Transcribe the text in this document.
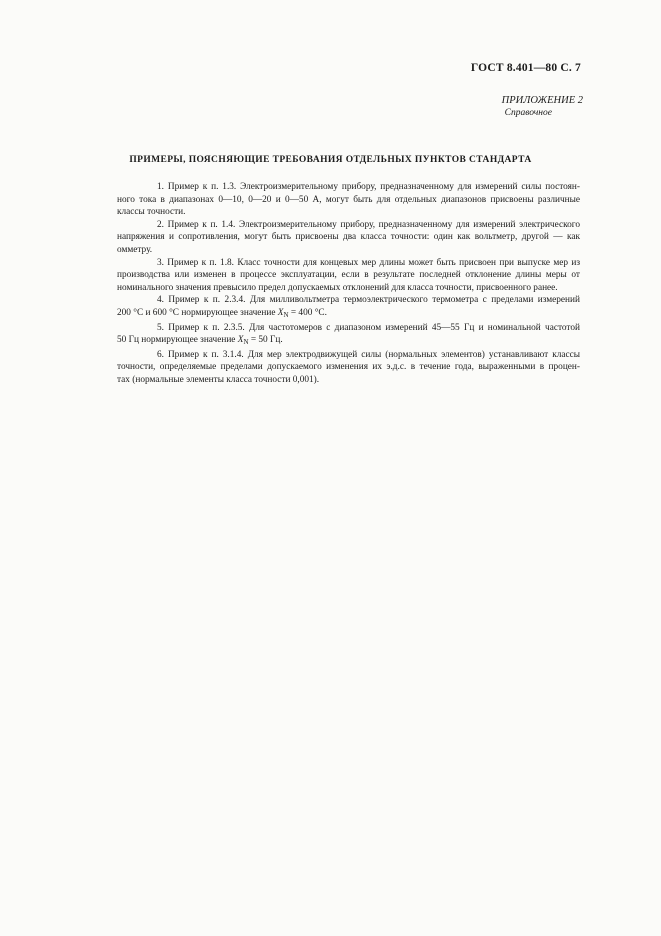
ГОСТ 8.401—80 С. 7
ПРИЛОЖЕНИЕ 2
Справочное
ПРИМЕРЫ, ПОЯСНЯЮЩИЕ ТРЕБОВАНИЯ ОТДЕЛЬНЫХ ПУНКТОВ СТАНДАРТА
1. Пример к п. 1.3. Электроизмерительному прибору, предназначенному для измерений силы постоян-
ного тока в диапазонах 0—10, 0—20 и 0—50 А, могут быть для отдельных диапазонов присвоены различные
классы точности.
2. Пример к п. 1.4. Электроизмерительному прибору, предназначенному для измерений электрического
напряжения и сопротивления, могут быть присвоены два класса точности: один как вольтметр, другой — как
омметру.
3. Пример к п. 1.8. Класс точности для концевых мер длины может быть присвоен при выпуске мер из
производства или изменен в процессе эксплуатации, если в результате последней отклонение длины меры от
номинального значения превысило предел допускаемых отклонений для класса точности, присвоенного ранее.
4. Пример к п. 2.3.4. Для милливольтметра термоэлектрического термометра с пределами измерений
200 °С и 600 °С нормирующее значение $X_N = 400$ °С.
5. Пример к п. 2.3.5. Для частотомеров с диапазоном измерений 45—55 Гц и номинальной частотой
50 Гц нормирующее значение $X_N = 50$ Гц.
6. Пример к п. 3.1.4. Для мер электродвижущей силы (нормальных элементов) устанавливают классы
точности, определяемые пределами допускаемого изменения их э.д.с. в течение года, выраженными в процен-
тах (нормальные элементы класса точности 0,001).
